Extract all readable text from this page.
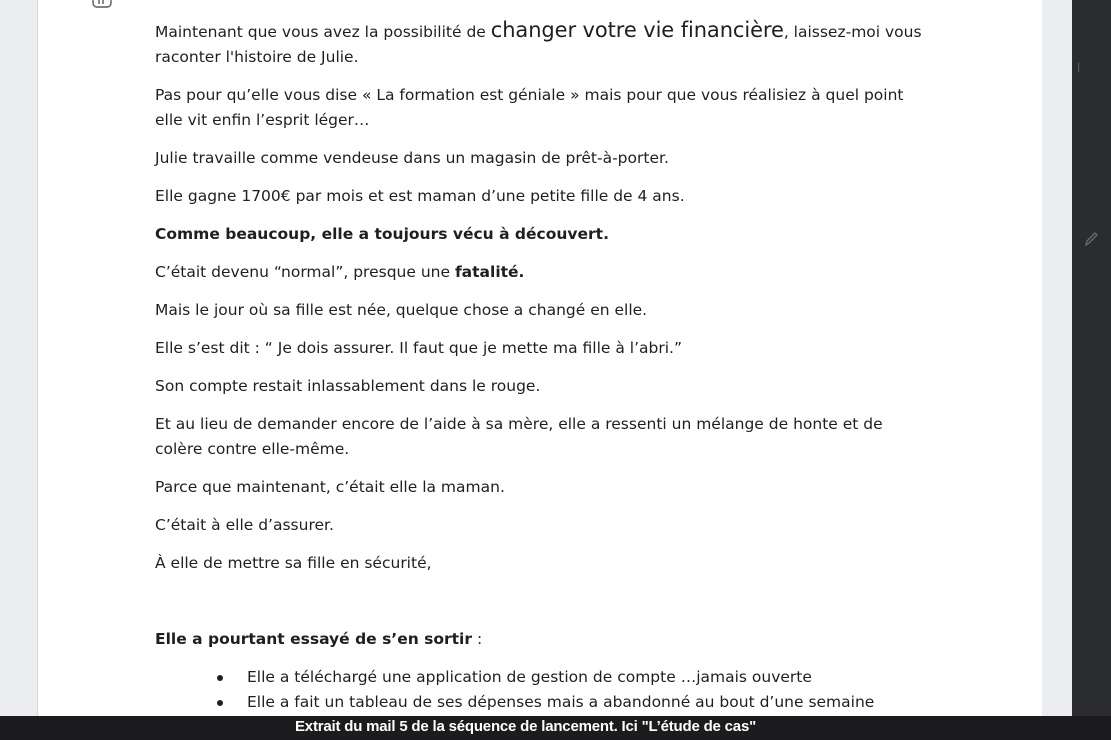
Maintenant que vous avez la possibilité de changer votre vie financière, laissez-moi vous raconter l'histoire de Julie.

Pas pour qu’elle vous dise « La formation est géniale » mais pour que vous réalisiez à quel point elle vit enfin l’esprit léger…

Julie travaille comme vendeuse dans un magasin de prêt-à-porter.

Elle gagne 1700€ par mois et est maman d’une petite fille de 4 ans.

Comme beaucoup, elle a toujours vécu à découvert.

C’était devenu “normal”, presque une fatalité.

Mais le jour où sa fille est née, quelque chose a changé en elle.

Elle s’est dit : “ Je dois assurer. Il faut que je mette ma fille à l’abri.”

Son compte restait inlassablement dans le rouge.

Et au lieu de demander encore de l’aide à sa mère, elle a ressenti un mélange de honte et de colère contre elle-même.

Parce que maintenant, c’était elle la maman.

C’était à elle d’assurer.

À elle de mettre sa fille en sécurité,

Elle a pourtant essayé de s’en sortir :

Elle a téléchargé une application de gestion de compte …jamais ouverte
Elle a fait un tableau de ses dépenses mais a abandonné au bout d’une semaine
|
Extrait du mail 5 de la séquence de lancement. Ici "L’étude de cas"
